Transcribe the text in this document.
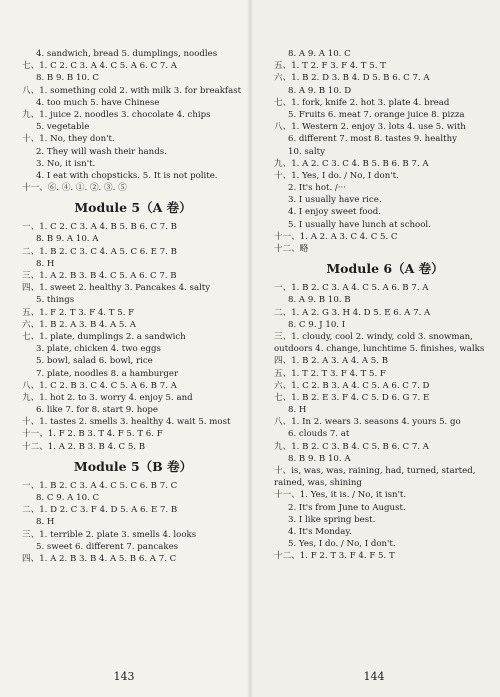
4. sandwich, bread 5. dumplings, noodles
七、1. C 2. C 3. A 4. C 5. A 6. C 7. A
8. B 9. B 10. C
八、1. something cold 2. with milk 3. for breakfast
4. too much 5. have Chinese
九、1. juice 2. noodles 3. chocolate 4. chips
5. vegetable
十、1. No, they don't.
2. They will wash their hands.
3. No, it isn't.
4. I eat with chopsticks. 5. It is not polite.
十一、⑥. ④. ①. ②. ③. ⑤
Module 5（A 卷）
一、1. C 2. C 3. A 4. B 5. B 6. C 7. B
8. B 9. A 10. A
二、1. B 2. C 3. C 4. A 5. C 6. E 7. B
8. H
三、1. A 2. B 3. B 4. C 5. A 6. C 7. B
四、1. sweet 2. healthy 3. Pancakes 4. salty
5. things
五、1. F 2. T 3. F 4. T 5. F
六、1. B 2. A 3. B 4. A 5. A
七、1. plate, dumplings 2. a sandwich
3. plate, chicken 4. two eggs
5. bowl, salad 6. bowl, rice
7. plate, noodles 8. a hamburger
八、1. C 2. B 3. C 4. C 5. A 6. B 7. A
九、1. hot 2. to 3. worry 4. enjoy 5. and
6. like 7. for 8. start 9. hope
十、1. tastes 2. smells 3. healthy 4. wait 5. most
十一、1. F 2. B 3. T 4. F 5. T 6. F
十二、1. A 2. B 3. B 4. C 5. B
Module 5（B 卷）
一、1. B 2. C 3. A 4. C 5. C 6. B 7. C
8. C 9. A 10. C
二、1. D 2. C 3. F 4. D 5. A 6. E 7. B
8. H
三、1. terrible 2. plate 3. smells 4. looks
5. sweet 6. different 7. pancakes
四、1. A 2. B 3. B 4. A 5. B 6. A 7. C
143
8. A 9. A 10. C
五、1. T 2. F 3. F 4. T 5. T
六、1. B 2. D 3. B 4. D 5. B 6. C 7. A
8. A 9. B 10. D
七、1. fork, knife 2. hot 3. plate 4. bread
5. Fruits 6. meat 7. orange juice 8. pizza
八、1. Western 2. enjoy 3. lots 4. use 5. with
6. different 7. most 8. tastes 9. healthy
10. salty
九、1. A 2. C 3. C 4. B 5. B 6. B 7. A
十、1. Yes, I do. / No, I don't.
2. It's hot. /···
3. I usually have rice.
4. I enjoy sweet food.
5. I usually have lunch at school.
十一、1. A 2. A 3. C 4. C 5. C
十二、略
Module 6（A 卷）
一、1. B 2. C 3. A 4. C 5. A 6. B 7. A
8. A 9. B 10. B
二、1. A 2. G 3. H 4. D 5. E 6. A 7. A
8. C 9. J 10. I
三、1. cloudy, cool 2. windy, cold 3. snowman,
outdoors 4. change, lunchtime 5. finishes, walks
四、1. B 2. A 3. A 4. A 5. B
五、1. T 2. T 3. F 4. T 5. F
六、1. C 2. B 3. A 4. C 5. A 6. C 7. D
七、1. B 2. E 3. F 4. C 5. D 6. G 7. E
8. H
八、1. In 2. wears 3. seasons 4. yours 5. go
6. clouds 7. at
九、1. B 2. C 3. B 4. C 5. B 6. C 7. A
8. B 9. B 10. A
十、is, was, was, raining, had, turned, started,
rained, was, shining
十一、1. Yes, it is. / No, it isn't.
2. It's from June to August.
3. I like spring best.
4. It's Monday.
5. Yes, I do. / No, I don't.
十二、1. F 2. T 3. F 4. F 5. T
144
